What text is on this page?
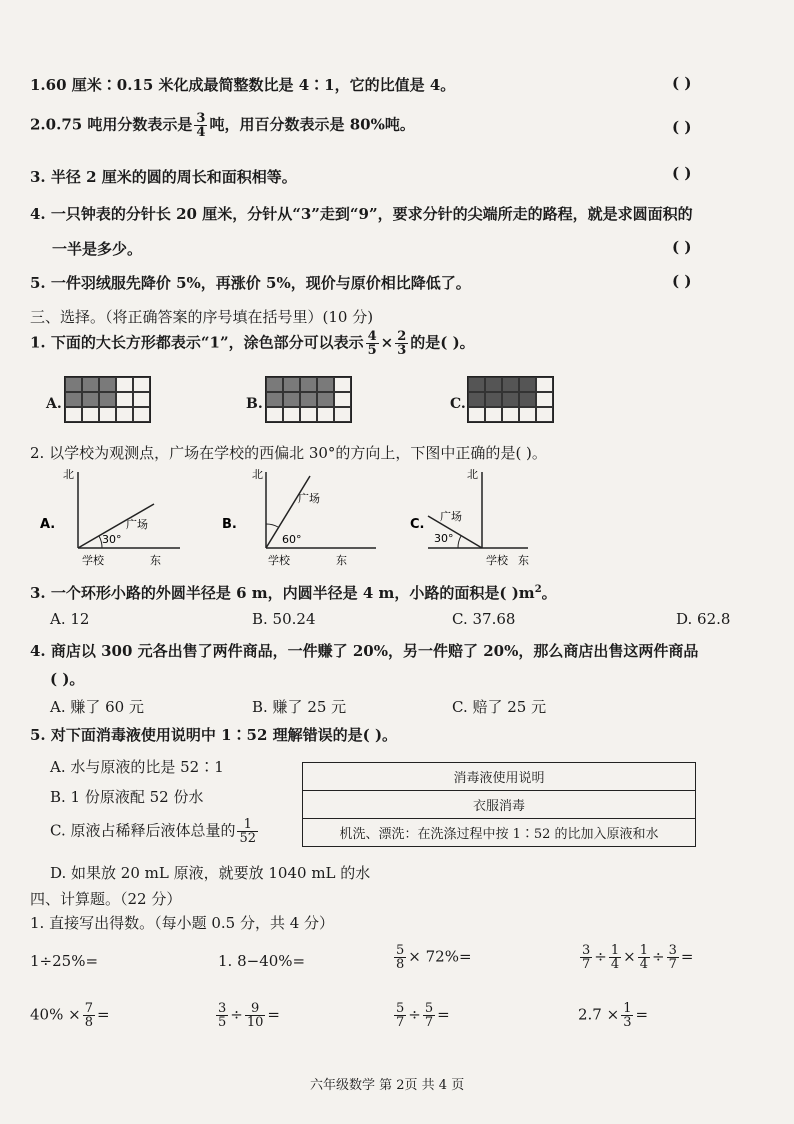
1.60 厘米∶0.15 米化成最简整数比是 4∶1，它的比值是 4。	( )
2.0.75 吨用分数表示是 $\frac{3}{4}$ 吨，用百分数表示是 80%吨。	( )
3. 半径 2 厘米的圆的周长和面积相等。	( )
4. 一只钟表的分针长 20 厘米，分针从“3”走到“9”，要求分针的尖端所走的路程，就是求圆面积的
一半是多少。	( )
5. 一件羽绒服先降价 5%，再涨价 5%，现价与原价相比降低了。	( )
三、选择。（将正确答案的序号填在括号里）(10 分)
1. 下面的大长方形都表示“1”，涂色部分可以表示 $\frac{4}{5} \times \frac{2}{3}$ 的是( )。
A.	B.	C.
2. 以学校为观测点，广场在学校的西偏北 30°的方向上，下图中正确的是( )。
A.
北
30°
广场
学校	东
B.
北
60°
广场
学校	东
C.
北
30°
广场
学校 东
3. 一个环形小路的外圆半径是 6 m，内圆半径是 4 m，小路的面积是( )$m^2$。
A. 12	B. 50.24	C. 37.68	D. 62.8
4. 商店以 300 元各出售了两件商品，一件赚了 20%，另一件赔了 20%，那么商店出售这两件商品
( )。
A. 赚了 60 元	B. 赚了 25 元	C. 赔了 25 元
5. 对下面消毒液使用说明中 1∶52 理解错误的是( )。
A. 水与原液的比是 52∶1
B. 1 份原液配 52 份水
C. 原液占稀释后液体总量的 $\frac{1}{52}$
D. 如果放 20 mL 原液，就要放 1040 mL 的水
消毒液使用说明
衣服消毒
机洗、漂洗：在洗涤过程中按 1∶52 的比加入原液和水
四、计算题。（22 分）
1. 直接写出得数。（每小题 0.5 分，共 4 分）
1÷25%=	1. 8−40%=	$\frac{5}{8} \times 72\%=$	$\frac{3}{7} \div \frac{1}{4} \times \frac{1}{4} \div \frac{3}{7}$ =
$40\% \times \frac{7}{8}$ =	$\frac{3}{5} \div \frac{9}{10}$ =	$\frac{5}{7} \div \frac{5}{7}$ =	$2.7 \times \frac{1}{3}$ =
六年级数学 第 2页 共 4 页
